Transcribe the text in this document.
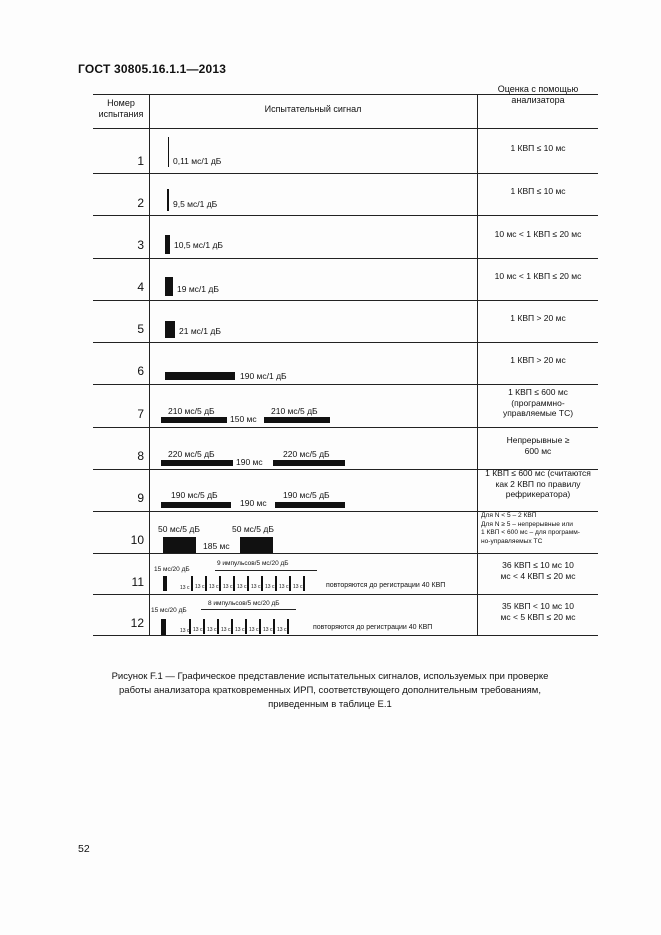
ГОСТ 30805.16.1.1—2013
Номер испытания	Испытательный сигнал
Оценка с помощью анализатора
1
2
3
4
5
6
7
8
9
10
11
12
1 КВП ≤ 10 мс
1 КВП ≤ 10 мс
10 мс < 1 КВП ≤ 20 мс
10 мс < 1 КВП ≤ 20 мс
1 КВП > 20 мс
1 КВП > 20 мс
1 КВП ≤ 600 мс (программно-управляемые ТС)
Непрерывные ≥ 600 мс
1 КВП ≤ 600 мс (считаются как 2 КВП по правилу рефрикератора)
Для N < 5 – 2 КВП
Для N ≥ 5 – непрерывные или
1 КВП < 600 мс – для программ-
но-управляемых ТС
36 КВП ≤ 10 мс 10 мс < 4 КВП ≤ 20 мс
35 КВП < 10 мс 10 мс < 5 КВП ≤ 20 мс
0,11 мс/1 дБ
9,5 мс/1 дБ
10,5 мс/1 дБ
19 мс/1 дБ
21 мс/1 дБ
190 мс/1 дБ
210 мс/5 дБ
150 мс
210 мс/5 дБ
220 мс/5 дБ
190 мс
220 мс/5 дБ
190 мс/5 дБ
190 мс
190 мс/5 дБ
50 мс/5 дБ
185 мс
50 мс/5 дБ
15 мс/20 дБ
13 с
9 импульсов/5 мс/20 дБ
повторяются до регистрации 40 КВП
15 мс/20 дБ
13 с
8 импульсов/5 мс/20 дБ
повторяются до регистрации 40 КВП
13 с 13 с 13 с 13 с 13 с 13 с 13 с 13 с
13 с 13 с 13 с 13 с 13 с 13 с 13 с
Рисунок F.1 — Графическое представление испытательных сигналов, используемых при проверке работы анализатора кратковременных ИРП, соответствующего дополнительным требованиям, приведенным в таблице Е.1
52
